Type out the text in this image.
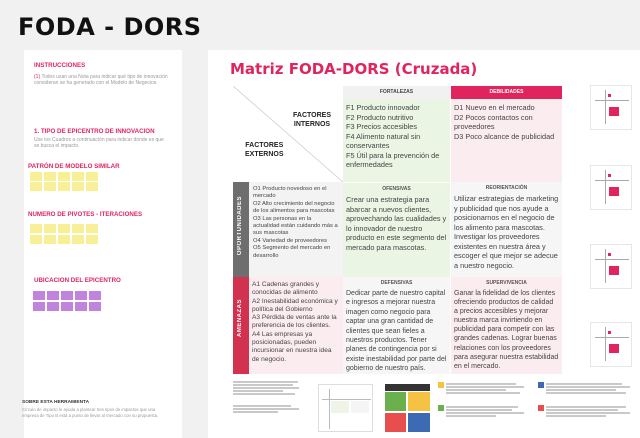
FODA - DORS
INSTRUCCIONES
(1) Todos usan una Nota para indicar qué tipo de innovación consideran se ha generado con el Modelo de Negocios.
1. TIPO DE EPICENTRO DE INNOVACION
Use los Cuadros a continuación para indicar donde es que se busca el impacto.
PATRÓN DE MODELO SIMILAR
NUMERO DE PIVOTES - ITERACIONES
UBICACION DEL EPICENTRO
SOBRE ESTA HERRAMIENTA
Círculo de impacto le ayuda a plantear tres tipos de impactos que una empresa de Tipo B está a punto de llevar al mercado con su propuesta.
Matriz FODA-DORS (Cruzada)
FACTORES
INTERNOS
FACTORES
EXTERNOS
FORTALEZAS	DEBILIDADES
F1 Producto innovador
F2 Producto nutritivo
F3 Precios accesibles
F4 Alimento natural sin conservantes
F5 Útil para la prevención de enfermedades
D1 Nuevo en el mercado
D2 Pocos contactos con proveedores
D3 Poco alcance de publicidad
OPORTUNIDADES
O1 Producto novedoso en el mercado
O2 Alto crecimiento del negocio de los alimentos para mascotas
O3 Las personas en la actualidad están cuidando más a sus mascotas
O4 Variedad de proveedores
O5 Segmento del mercado en desarrollo
OFENSIVAS
Crear una estrategia para abarcar a nuevos clientes, aprovechando las cualidades y lo innovador de nuestro producto en este segmento del mercado para mascotas.
REORIENTACIÓN
Utilizar estrategias de marketing y publicidad que nos ayude a posicionarnos en el negocio de los alimento para mascotas. Investigar los proveedores existentes en nuestra área y escoger el que mejor se adecue a nuestro negocio.
AMENAZAS
A1 Cadenas grandes y conocidas de alimento
A2 Inestabilidad económica y política del Gobierno
A3 Pérdida de ventas ante la preferencia de los clientes.
A4 Las empresas ya posicionadas, pueden incursionar en nuestra idea de negocio.
DEFENSIVAS
Dedicar parte de nuestro capital e ingresos a mejorar nuestra imagen como negocio para captar una gran cantidad de clientes que sean fieles a nuestros productos. Tener planes de contingencia por si existe inestabilidad por parte del gobierno de nuestro país.
SUPERVIVENCIA
Ganar la fidelidad de los clientes ofreciendo productos de calidad a precios accesibles y mejorar nuestra marca invirtiendo en publicidad para competir con las grandes cadenas. Lograr buenas relaciones con los proveedores para asegurar nuestra estabilidad en el mercado.
